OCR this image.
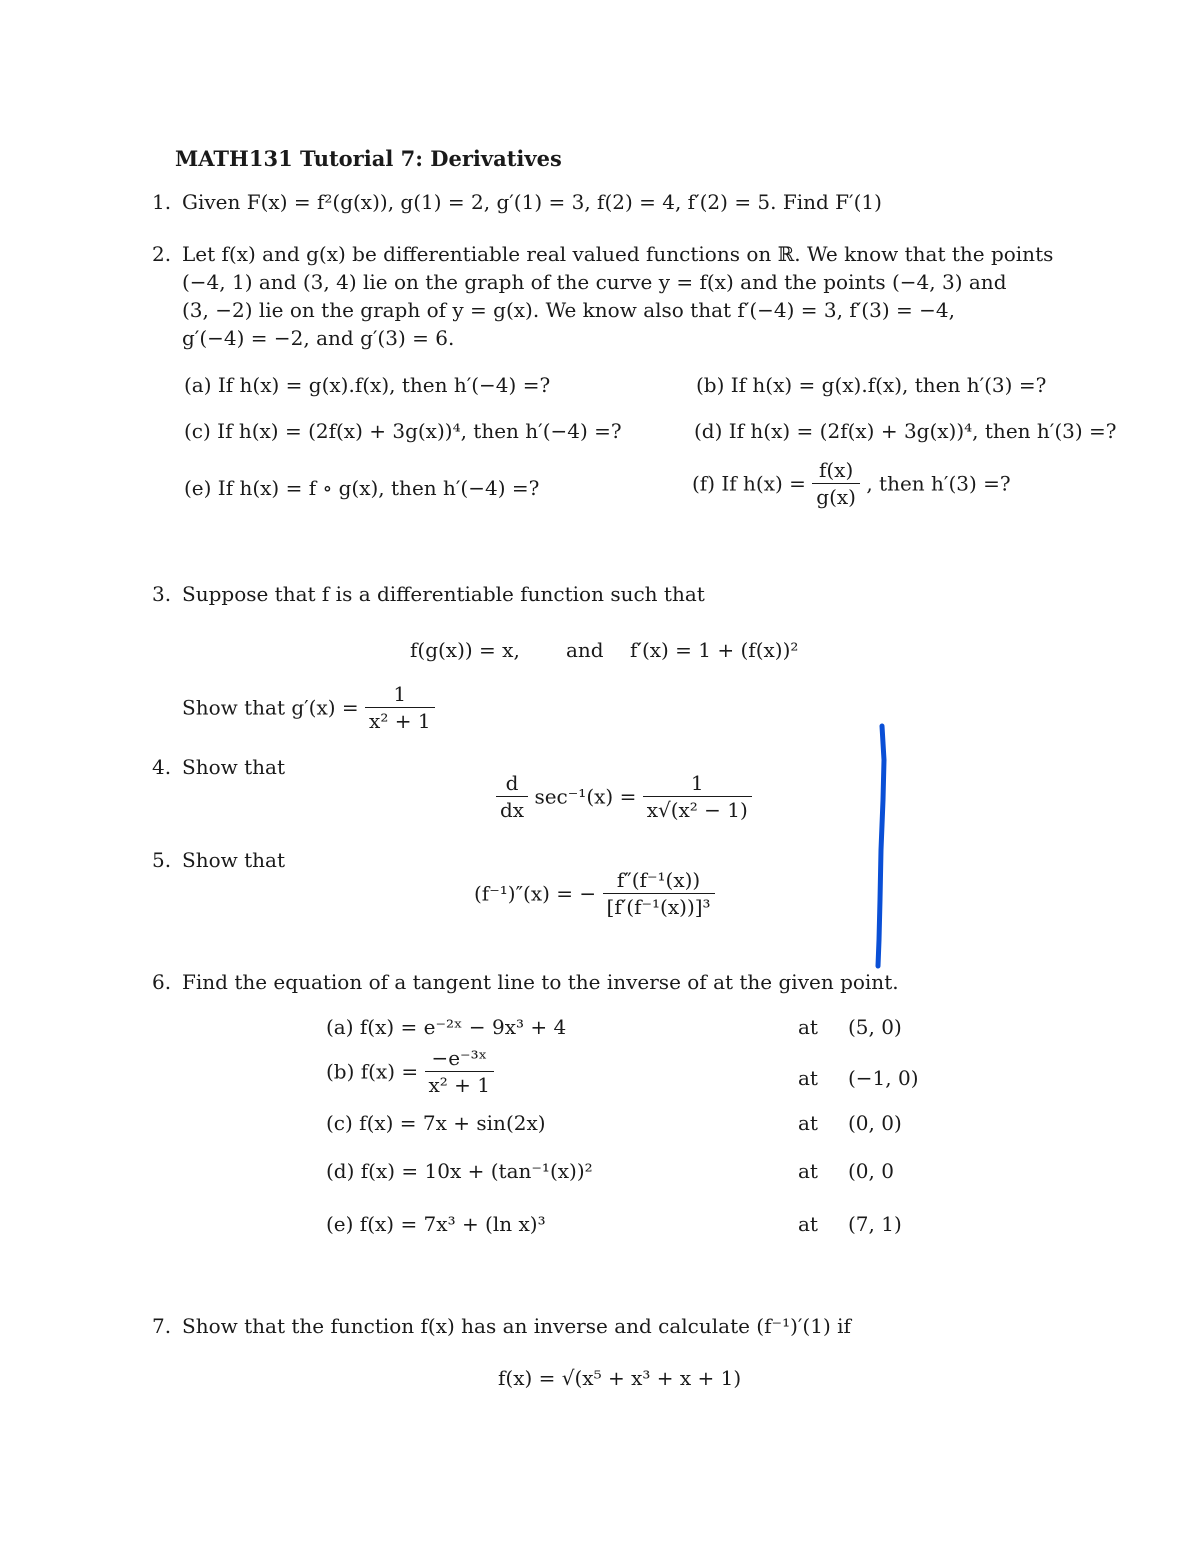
MATH131 Tutorial 7: Derivatives
1. Given F(x) = f²(g(x)), g(1) = 2, g′(1) = 3, f(2) = 4, f′(2) = 5. Find F′(1)
2. Let f(x) and g(x) be differentiable real valued functions on ℝ. We know that the points
(−4, 1) and (3, 4) lie on the graph of the curve y = f(x) and the points (−4, 3) and
(3, −2) lie on the graph of y = g(x). We know also that f′(−4) = 3, f′(3) = −4,
g′(−4) = −2, and g′(3) = 6.
(a) If h(x) = g(x).f(x), then h′(−4) =?	(b) If h(x) = g(x).f(x), then h′(3) =?
(c) If h(x) = (2f(x) + 3g(x))⁴, then h′(−4) =?	(d) If h(x) = (2f(x) + 3g(x))⁴, then h′(3) =?
(e) If h(x) = f ∘ g(x), then h′(−4) =?	(f) If $h(x) = \frac{f(x)}{g(x)}$ , then h′(3) =?
3. Suppose that f is a differentiable function such that
f(g(x)) = x, and f′(x) = 1 + (f(x))²
Show that $g'(x) = \frac{1}{\text{x² + 1}}$
4. Show that
$\frac{d}{dx} \sec^{-1}(x) = \frac{1}{\text{x√(x² − 1)}}$
5. Show that
(f⁻¹)″(x) = − $\frac{\text{f″(f⁻¹(x))}}{\text{[f′(f⁻¹(x))]³}}$
6. Find the equation of a tangent line to the inverse of at the given point.
(a) f(x) = e⁻²ˣ − 9x³ + 4	at (5, 0)
(b) $f(x) = \frac{\text{−e⁻³ˣ}}{\text{x² + 1}}$	at (−1, 0)
(c) f(x) = 7x + sin(2x)	at (0, 0)
(d) f(x) = 10x + (tan⁻¹(x))²	at (0, 0
(e) f(x) = 7x³ + (ln x)³	at (7, 1)
7. Show that the function f(x) has an inverse and calculate (f⁻¹)′(1) if
f(x) = √(x⁵ + x³ + x + 1)
